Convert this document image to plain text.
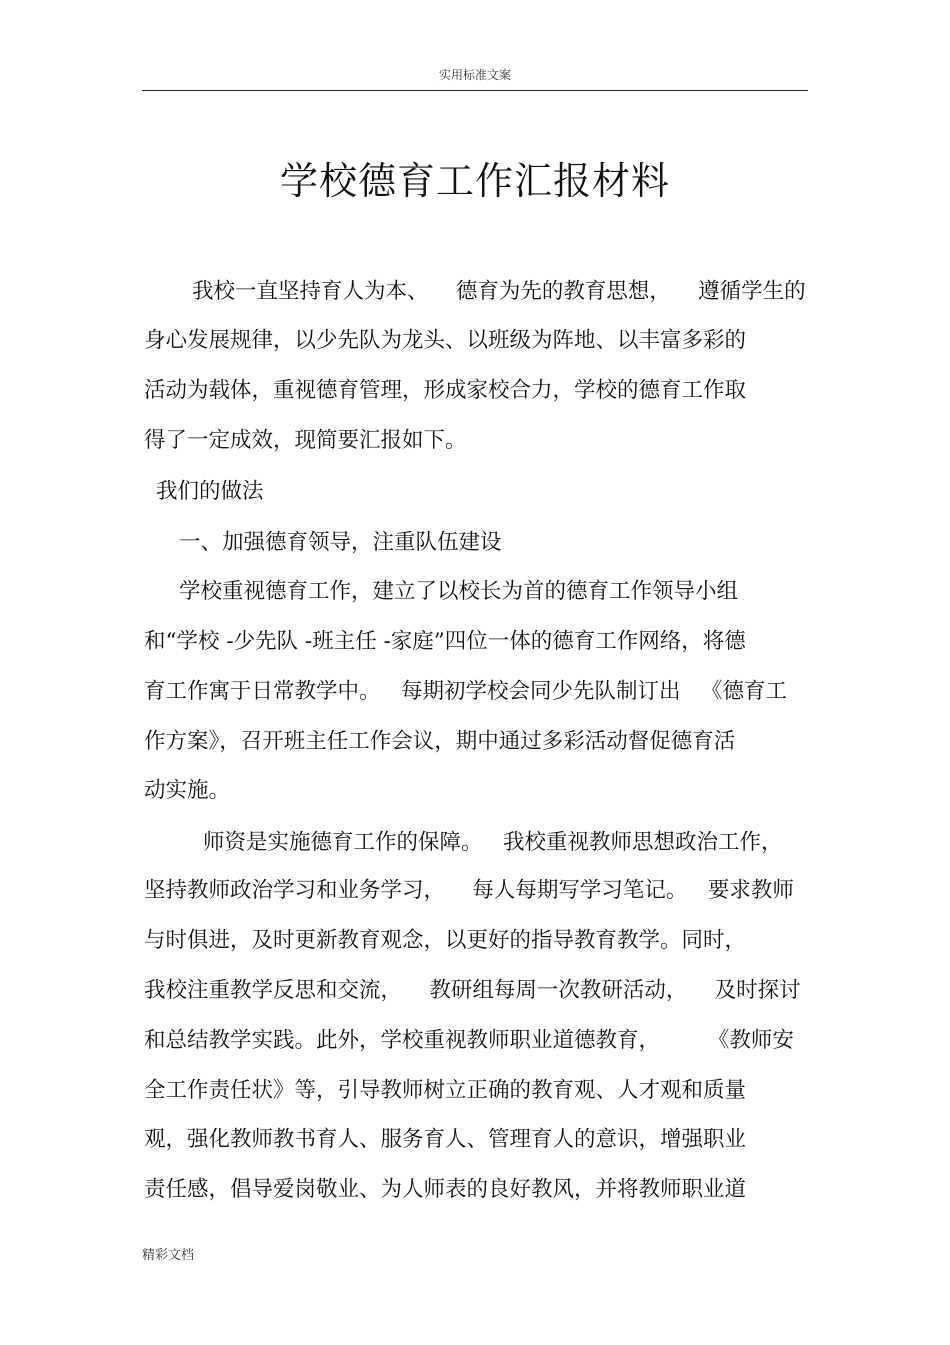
实用标准文案
学校德育工作汇报材料

我校一直坚持育人为本、    德育为先的教育思想，    遵循学生的

身心发展规律，以少先队为龙头、以班级为阵地、以丰富多彩的

活动为载体，重视德育管理，形成家校合力，学校的德育工作取

得了一定成效，现简要汇报如下。

我们的做法

一、加强德育领导，注重队伍建设

学校重视德育工作，建立了以校长为首的德育工作领导小组

和“学校 -少先队 -班主任 -家庭”四位一体的德育工作网络，将德

育工作寓于日常教学中。   每期初学校会同少先队制订出   《德育工

作方案》，召开班主任工作会议，期中通过多彩活动督促德育活

动实施。

师资是实施德育工作的保障。   我校重视教师思想政治工作，

坚持教师政治学习和业务学习，    每人每期写学习笔记。   要求教师

与时俱进，及时更新教育观念，以更好的指导教育教学。同时，

我校注重教学反思和交流，    教研组每周一次教研活动，    及时探讨

和总结教学实践。此外，学校重视教师职业道德教育，       《教师安

全工作责任状》等，引导教师树立正确的教育观、人才观和质量

观，强化教师教书育人、服务育人、管理育人的意识，增强职业

责任感，倡导爱岗敬业、为人师表的良好教风，并将教师职业道

精彩文档
